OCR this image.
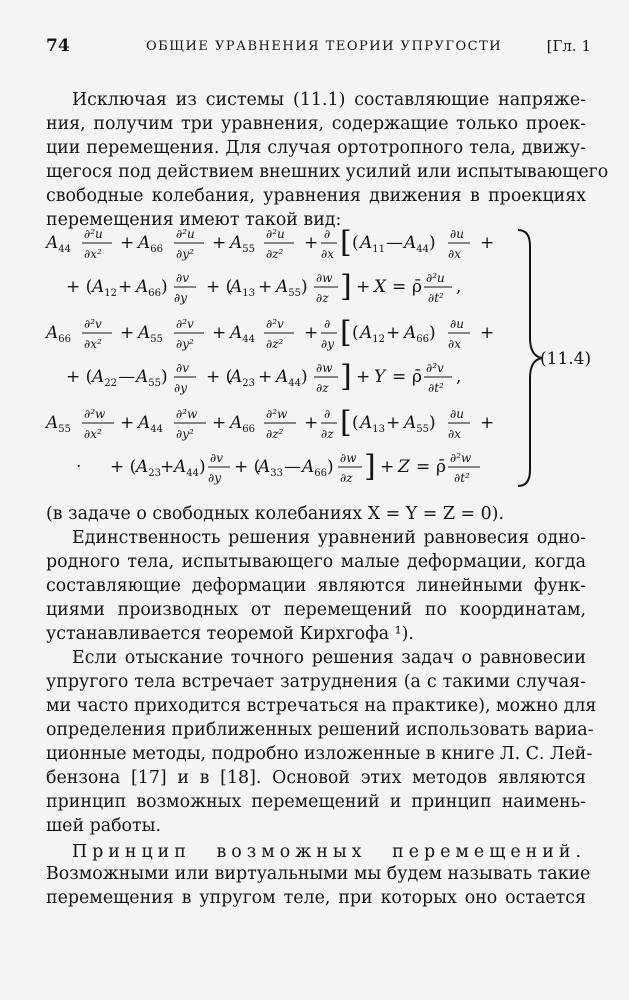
74	ОБЩИЕ УРАВНЕНИЯ ТЕОРИИ УПРУГОСТИ	[Гл. 1
Исключая из системы (11.1) составляющие напряже-
ния, получим три уравнения, содержащие только проек-
ции перемещения. Для случая ортотропного тела, движу-
щегося под действием внешних усилий или испытывающего
свободные колебания, уравнения движения в проекциях
перемещения имеют такой вид:
$A_{44}$
∂²u
∂x²
+ $A_{66}$
∂²u
∂y²
+ $A_{55}$
∂²u
∂z²
+ ∂
∂x [ ( $A_{11}$ — $A_{44}$) ∂u
∂x
+
+ ( $A_{12} + A_{66}$) ∂v
∂y
+ (
$A_{13} + A_{55}$) ∂w
∂z ] + X = ρ̄ ∂²u
∂t²
,
$A_{66}$
∂²v
∂x²
+ $A_{55}$
∂²v
∂y²
+ $A_{44}$
∂²v
∂z²
+ ∂
∂y [ ( $A_{12} + A_{66}$) ∂u
∂x
+
+ ( $A_{22}$ — $A_{55}$) ∂v
∂y
+ (
$A_{23} + A_{44}$) ∂w
∂z ] + Y = ρ̄ ∂²v
∂t²
,
$A_{55}$
∂²w
∂x²
+ $A_{44}$
∂²w
∂y²
+ $A_{66}$
∂²w
∂z²
+ ∂
∂z [ ( $A_{13} + A_{55}$) ∂u
∂x
+
· + ( $A_{23}$
+ $A_{44}$) ∂v
∂y
+ (
$A_{33}$ — $A_{66}$) ∂w
∂z ] + Z = ρ̄ ∂²w
∂t²
(11.4)
(в задаче о свободных колебаниях X = Y = Z = 0).
Единственность решения уравнений равновесия одно-
родного тела, испытывающего малые деформации, когда
составляющие деформации являются линейными функ-
циями производных от перемещений по координатам,
устанавливается теоремой Кирхгофа ¹).
Если отыскание точного решения задач о равновесии
упругого тела встречает затруднения (а с такими случая-
ми часто приходится встречаться на практике), можно для
определения приближенных решений использовать вариа-
ционные методы, подробно изложенные в книге Л. С. Лей-
бензона [17] и в [18]. Основой этих методов являются
принцип возможных перемещений и принцип наимень-
шей работы.
Принцип возможных перемещений.
Возможными или виртуальными мы будем называть такие
перемещения в упругом теле, при которых оно остается
